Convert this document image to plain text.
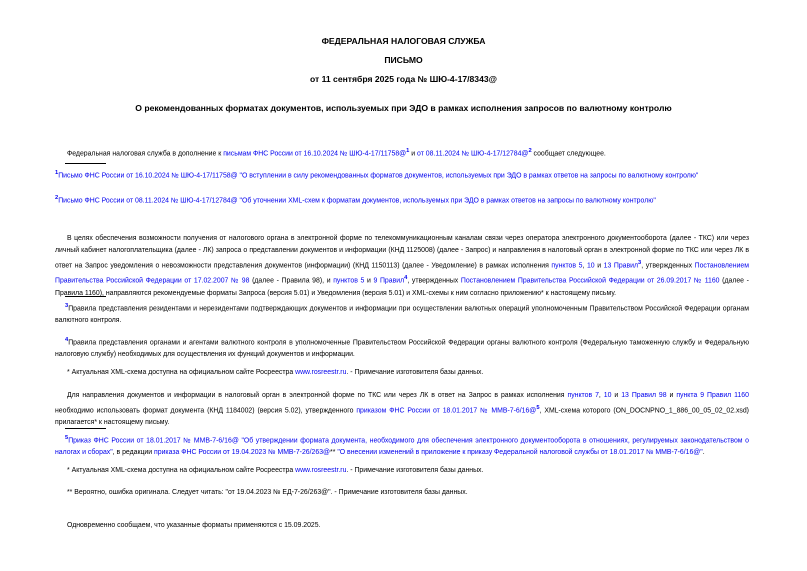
ФЕДЕРАЛЬНАЯ НАЛОГОВАЯ СЛУЖБА
ПИСЬМО
от 11 сентября 2025 года № ШЮ-4-17/8343@
О рекомендованных форматах документов, используемых при ЭДО в рамках исполнения запросов по валютному контролю
Федеральная налоговая служба в дополнение к письмам ФНС России от 16.10.2024 № ШЮ-4-17/11758@$^1$ и от 08.11.2024 № ШЮ-4-17/12784@$^2$ сообщает следующее.
$^1$Письмо ФНС России от 16.10.2024 № ШЮ-4-17/11758@ "О вступлении в силу рекомендованных форматов документов, используемых при ЭДО в рамках ответов на запросы по валютному контролю"
$^2$Письмо ФНС России от 08.11.2024 № ШЮ-4-17/12784@ "Об уточнении XML-схем к форматам документов, используемых при ЭДО в рамках ответов на запросы по валютному контролю"
В целях обеспечения возможности получения от налогового органа в электронной форме по телекоммуникационным каналам связи через оператора электронного документооборота (далее - ТКС) или через личный кабинет налогоплательщика (далее - ЛК) запроса о представлении документов и информации (КНД 1125008) (далее - Запрос) и направления в налоговый орган в электронной форме по ТКС или через ЛК в ответ на Запрос уведомления о невозможности представления документов (информации) (КНД 1150113) (далее - Уведомление) в рамках исполнения пунктов 5, 10 и 13 Правил$^3$, утвержденных Постановлением Правительства Российской Федерации от 17.02.2007 № 98 (далее - Правила 98), и пунктов 5 и 9 Правил$^4$, утвержденных Постановлением Правительства Российской Федерации от 26.09.2017 № 1160 (далее - Правила 1160), направляются рекомендуемые форматы Запроса (версия 5.01) и Уведомления (версия 5.01) и XML-схемы к ним согласно приложению* к настоящему письму.
$^3$Правила представления резидентами и нерезидентами подтверждающих документов и информации при осуществлении валютных операций уполномоченным Правительством Российской Федерации органам валютного контроля.
$^4$Правила представления органами и агентами валютного контроля в уполномоченные Правительством Российской Федерации органы валютного контроля (Федеральную таможенную службу и Федеральную налоговую службу) необходимых для осуществления их функций документов и информации.
* Актуальная XML-схема доступна на официальном сайте Росреестра www.rosreestr.ru. - Примечание изготовителя базы данных.
Для направления документов и информации в налоговый орган в электронной форме по ТКС или через ЛК в ответ на Запрос в рамках исполнения пунктов 7, 10 и 13 Правил 98 и пункта 9 Правил 1160 необходимо использовать формат документа (КНД 1184002) (версия 5.02), утвержденного приказом ФНС России от 18.01.2017 № ММВ-7-6/16@$^5$, XML-схема которого (ON_DOCNPNO_1_886_00_05_02_02.xsd) прилагается* к настоящему письму.
$^5$Приказ ФНС России от 18.01.2017 № ММВ-7-6/16@ "Об утверждении формата документа, необходимого для обеспечения электронного документооборота в отношениях, регулируемых законодательством о налогах и сборах", в редакции приказа ФНС России от 19.04.2023 № ММВ-7-26/263@** "О внесении изменений в приложение к приказу Федеральной налоговой службы от 18.01.2017 № ММВ-7-6/16@".
* Актуальная XML-схема доступна на официальном сайте Росреестра www.rosreestr.ru. - Примечание изготовителя базы данных.
** Вероятно, ошибка оригинала. Следует читать: "от 19.04.2023 № ЕД-7-26/263@". - Примечание изготовителя базы данных.
Одновременно сообщаем, что указанные форматы применяются с 15.09.2025.
